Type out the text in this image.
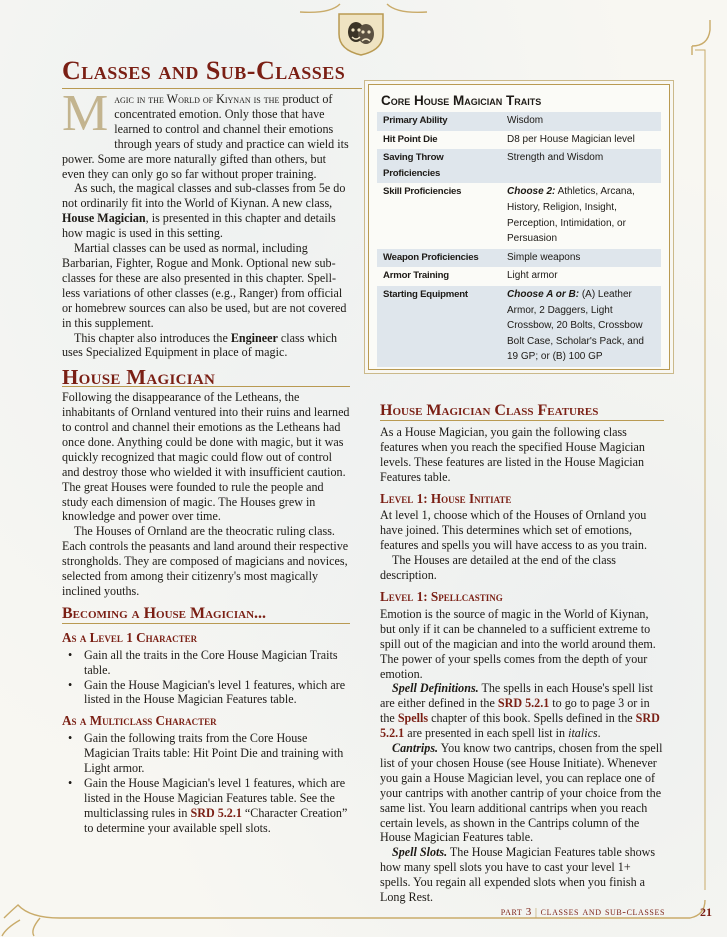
Classes and Sub-Classes
M agic in the World of Kiynan is the product of concentrated emotion. Only those that have learned to control and channel their emotions through years of study and practice can wield its power. Some are more naturally gifted than others, but even they can only go so far without proper training.

As such, the magical classes and sub-classes from 5e do not ordinarily fit into the World of Kiynan. A new class, House Magician, is presented in this chapter and details how magic is used in this setting.

Martial classes can be used as normal, including Barbarian, Fighter, Rogue and Monk. Optional new sub-classes for these are also presented in this chapter. Spell-less variations of other classes (e.g., Ranger) from official or homebrew sources can also be used, but are not covered in this supplement.

This chapter also introduces the Engineer class which uses Specialized Equipment in place of magic.

House Magician

Following the disappearance of the Letheans, the inhabitants of Ornland ventured into their ruins and learned to control and channel their emotions as the Letheans had once done. Anything could be done with magic, but it was quickly recognized that magic could flow out of control and destroy those who wielded it with insufficient caution. The great Houses were founded to rule the people and study each dimension of magic. The Houses grew in knowledge and power over time.

The Houses of Ornland are the theocratic ruling class. Each controls the peasants and land around their respective strongholds. They are composed of magicians and novices, selected from among their citizenry's most magically inclined youths.

Becoming a House Magician...
As a Level 1 Character
• Gain all the traits in the Core House Magician Traits table.
• Gain the House Magician's level 1 features, which are listed in the House Magician Features table.
As a Multiclass Character
• Gain the following traits from the Core House Magician Traits table: Hit Point Die and training with Light armor.
• Gain the House Magician's level 1 features, which are listed in the House Magician Features table. See the multiclassing rules in SRD 5.2.1 “Character Creation” to determine your available spell slots.
Core House Magician Traits
Primary Ability	Wisdom
Hit Point Die	D8 per House Magician level
Saving Throw Proficiencies	Strength and Wisdom
Skill Proficiencies	Choose 2: Athletics, Arcana, History, Religion, Insight, Perception, Intimidation, or Persuasion
Weapon Proficiencies	Simple weapons
Armor Training	Light armor
Starting Equipment	Choose A or B: (A) Leather Armor, 2 Daggers, Light Crossbow, 20 Bolts, Crossbow Bolt Case, Scholar's Pack, and 19 GP; or (B) 100 GP
House Magician Class Features

As a House Magician, you gain the following class features when you reach the specified House Magician levels. These features are listed in the House Magician Features table.

Level 1: House Initiate

At level 1, choose which of the Houses of Ornland you have joined. This determines which set of emotions, features and spells you will have access to as you train.

The Houses are detailed at the end of the class description.

Level 1: Spellcasting

Emotion is the source of magic in the World of Kiynan, but only if it can be channeled to a sufficient extreme to spill out of the magician and into the world around them. The power of your spells comes from the depth of your emotion.

Spell Definitions. The spells in each House's spell list are either defined in the SRD 5.2.1 to go to page 3 or in the Spells chapter of this book. Spells defined in the SRD 5.2.1 are presented in each spell list in italics.

Cantrips. You know two cantrips, chosen from the spell list of your chosen House (see House Initiate). Whenever you gain a House Magician level, you can replace one of your cantrips with another cantrip of your choice from the same list. You learn additional cantrips when you reach certain levels, as shown in the Cantrips column of the House Magician Features table.

Spell Slots. The House Magician Features table shows how many spell slots you have to cast your level 1+ spells. You regain all expended slots when you finish a Long Rest.

part 3 | classes and sub-classes	21
